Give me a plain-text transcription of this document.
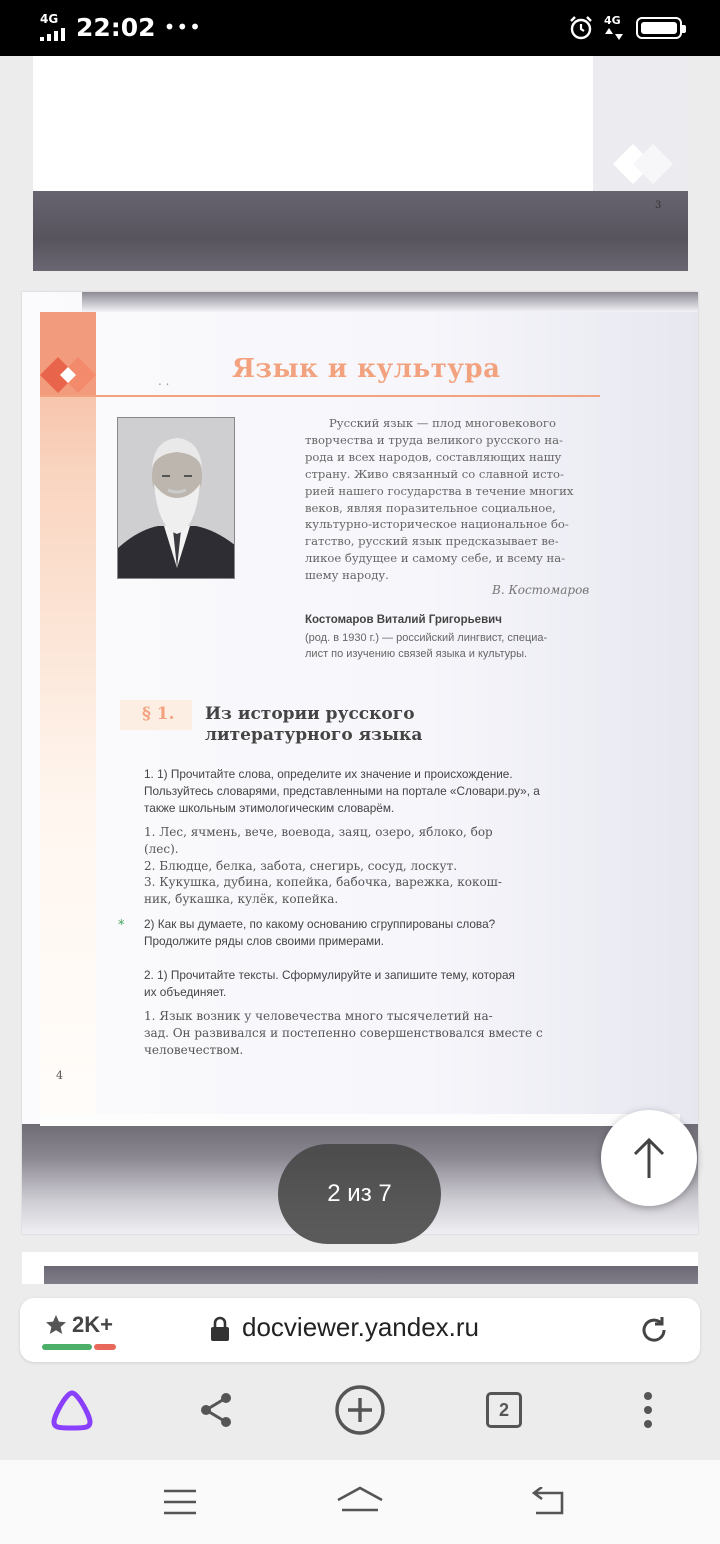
4G 22:02 •••	4G
3
. . Язык и культура
Русский язык — плод многовекового
творчества и труда великого русского на-
рода и всех народов, составляющих нашу
страну. Живо связанный со славной исто-
рией нашего государства в течение многих
веков, являя поразительное социальное,
культурно-историческое национальное бо-
гатство, русский язык предсказывает ве-
ликое будущее и самому себе, и всему на-
шему народу.
В. Костомаров
Костомаров Виталий Григорьевич
(род. в 1930 г.) — российский лингвист, специа-
лист по изучению связей языка и культуры.
§ 1. Из истории русского
литературного языка
1. 1) Прочитайте слова, определите их значение и происхождение.
Пользуйтесь словарями, представленными на портале «Словари.ру», а
также школьным этимологическим словарём.
1. Лес, ячмень, вече, воевода, заяц, озеро, яблоко, бор
(лес).
2. Блюдце, белка, забота, снегирь, сосуд, лоскут.
3. Кукушка, дубина, копейка, бабочка, варежка, кокош-
ник, букашка, кулёк, копейка.
* 2) Как вы думаете, по какому основанию сгруппированы слова?
Продолжите ряды слов своими примерами.
2. 1) Прочитайте тексты. Сформулируйте и запишите тему, которая
их объединяет.
1. Язык возник у человечества много тысячелетий на-
зад. Он развивался и постепенно совершенствовался вместе с
человечеством.
4
2 из 7
2K+	docviewer.yandex.ru
2
